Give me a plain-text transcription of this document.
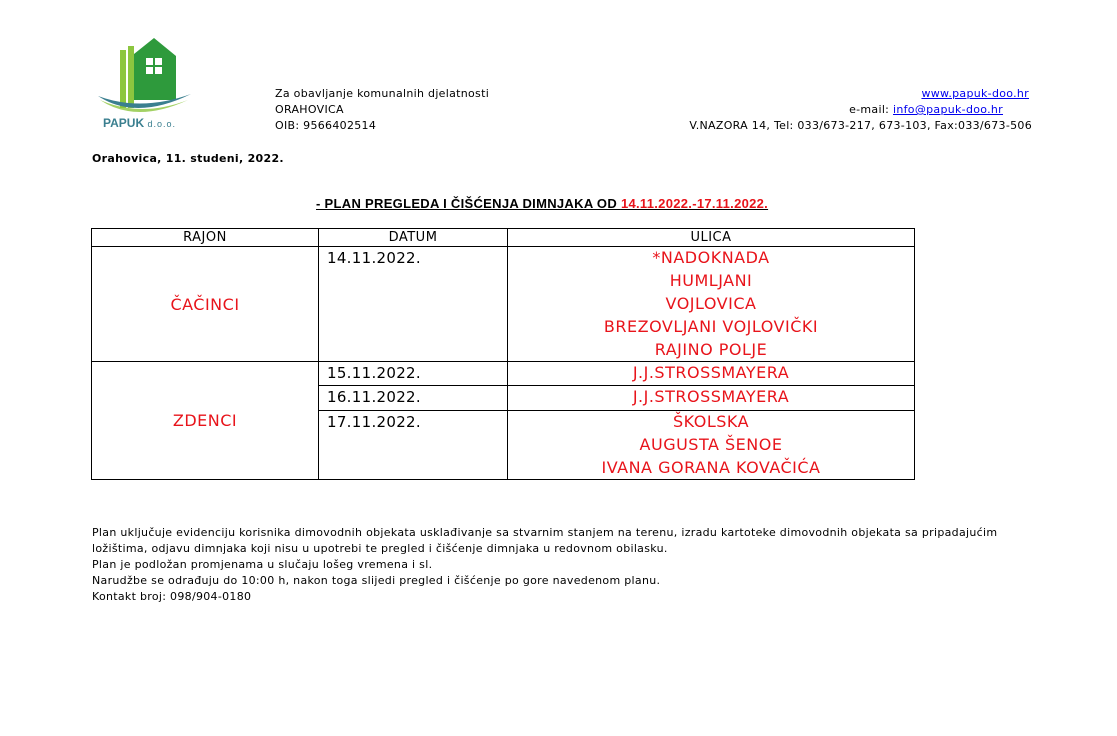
PAPUK d.o.o.
Za obavljanje komunalnih djelatnosti
ORAHOVICA
OIB: 9566402514
www.papuk-doo.hr
e-mail: info@papuk-doo.hr
V.NAZORA 14, Tel: 033/673-217, 673-103, Fax:033/673-506
Orahovica, 11. studeni, 2022.
- PLAN PREGLEDA I ČIŠĆENJA DIMNJAKA OD 14.11.2022.-17.11.2022.
RAJON	DATUM	ULICA
ČAČINCI	14.11.2022.	*NADOKNADA
HUMLJANI
VOJLOVICA
BREZOVLJANI VOJLOVIČKI
RAJINO POLJE

ZDENCI	15.11.2022.	J.J.STROSSMAYERA

	16.11.2022.	J.J.STROSSMAYERA

	17.11.2022.	ŠKOLSKA
AUGUSTA ŠENOE
IVANA GORANA KOVAČIĆA
Plan uključuje evidenciju korisnika dimovodnih objekata usklađivanje sa stvarnim stanjem na terenu, izradu kartoteke dimovodnih objekata sa pripadajućim
ložištima, odjavu dimnjaka koji nisu u upotrebi te pregled i čišćenje dimnjaka u redovnom obilasku.
Plan je podložan promjenama u slučaju lošeg vremena i sl.
Narudžbe se odrađuju do 10:00 h, nakon toga slijedi pregled i čišćenje po gore navedenom planu.
Kontakt broj: 098/904-0180
